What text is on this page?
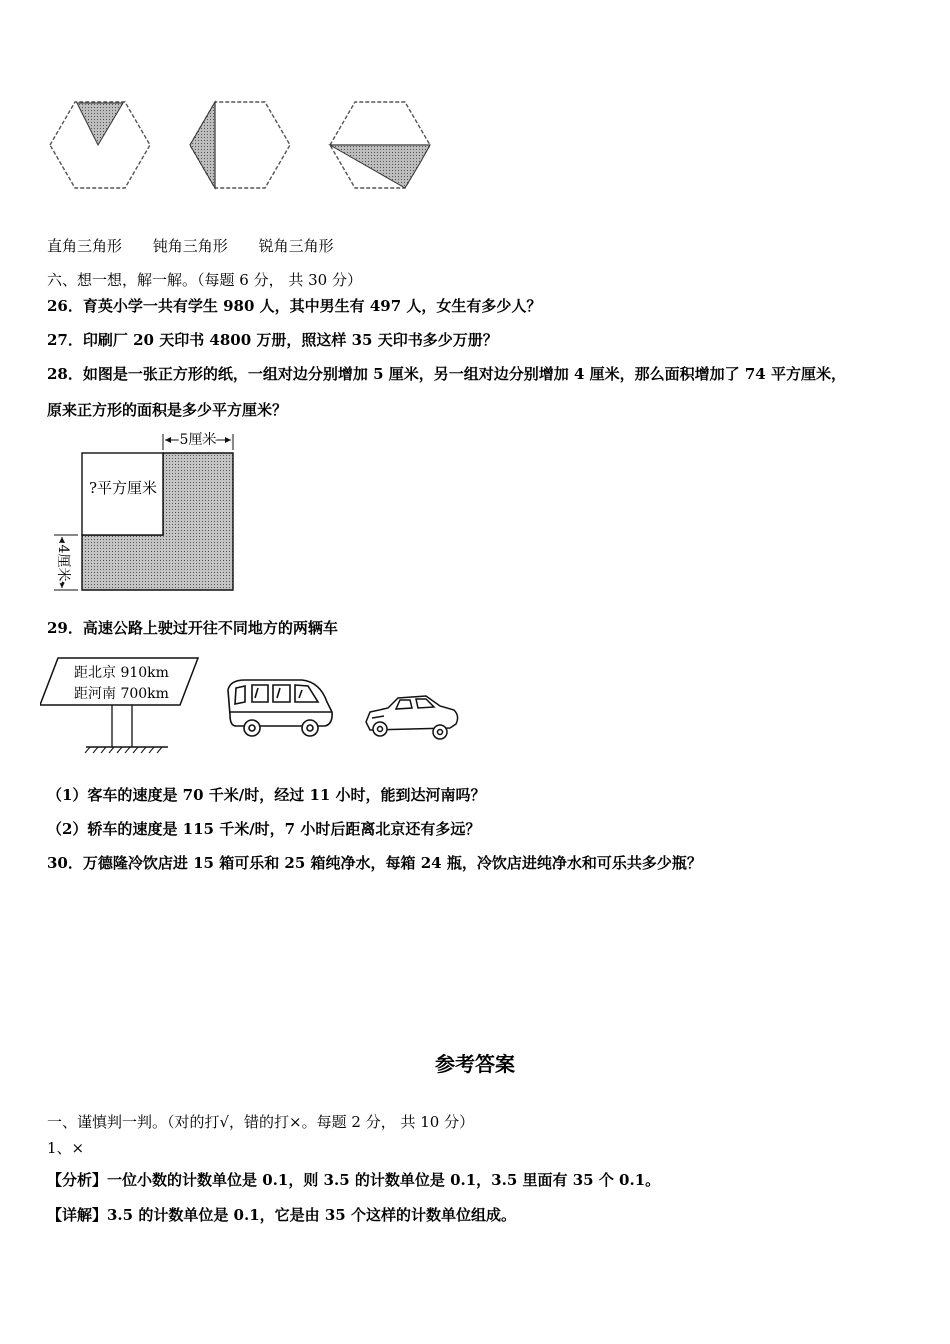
直角三角形 钝角三角形 锐角三角形
六、想一想，解一解。（每题 6 分， 共 30 分）
26．育英小学一共有学生 980 人，其中男生有 497 人，女生有多少人？
27．印刷厂 20 天印书 4800 万册，照这样 35 天印书多少万册？
28．如图是一张正方形的纸，一组对边分别增加 5 厘米，另一组对边分别增加 4 厘米，那么面积增加了 74 平方厘米，
原来正方形的面积是多少平方厘米？
5厘米
4厘米
?平方厘米
29．高速公路上驶过开往不同地方的两辆车
距北京 910km
距河南 700km
（1）客车的速度是 70 千米/时，经过 11 小时，能到达河南吗？
（2）轿车的速度是 115 千米/时，7 小时后距离北京还有多远？
30．万德隆冷饮店进 15 箱可乐和 25 箱纯净水，每箱 24 瓶，冷饮店进纯净水和可乐共多少瓶？
参考答案
一、谨慎判一判。（对的打√，错的打×。每题 2 分， 共 10 分）
1、×
【分析】一位小数的计数单位是 0.1，则 3.5 的计数单位是 0.1，3.5 里面有 35 个 0.1。
【详解】3.5 的计数单位是 0.1，它是由 35 个这样的计数单位组成。
